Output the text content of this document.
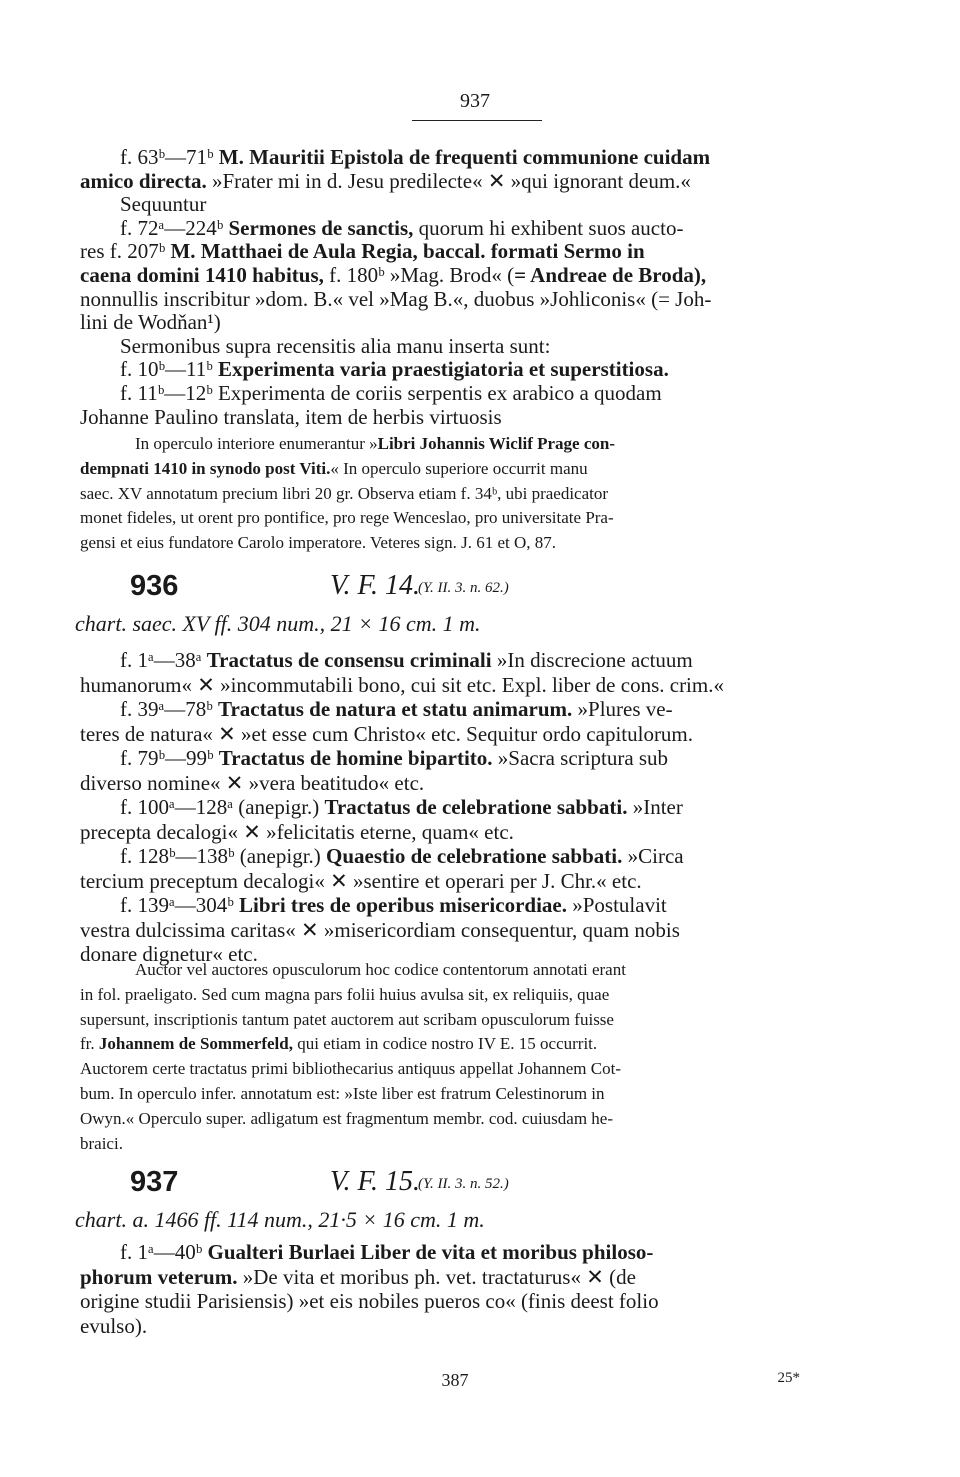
937
f. 63ᵇ—71ᵇ M. Mauritii Epistola de frequenti communione cuidam
amico directa. »Frater mi in d. Jesu predilecte« ✕ »qui ignorant deum.«
Sequuntur
f. 72ᵃ—224ᵇ Sermones de sanctis, quorum hi exhibent suos aucto-
res f. 207ᵇ M. Matthaei de Aula Regia, baccal. formati Sermo in
caena domini 1410 habitus, f. 180ᵇ »Mag. Brod« (= Andreae de Broda),
nonnullis inscribitur »dom. B.« vel »Mag B.«, duobus »Johliconis« (= Joh-
lini de Wodňan¹)
Sermonibus supra recensitis alia manu inserta sunt:
f. 10ᵇ—11ᵇ Experimenta varia praestigiatoria et superstitiosa.
f. 11ᵇ—12ᵇ Experimenta de coriis serpentis ex arabico a quodam
Johanne Paulino translata, item de herbis virtuosis
In operculo interiore enumerantur »Libri Johannis Wiclif Prage con-
dempnati 1410 in synodo post Viti.« In operculo superiore occurrit manu
saec. XV annotatum precium libri 20 gr. Observa etiam f. 34ᵇ, ubi praedicator
monet fideles, ut orent pro pontifice, pro rege Wenceslao, pro universitate Pra-
gensi et eius fundatore Carolo imperatore. Veteres sign. J. 61 et O, 87.
936	V. F. 14.
(Y. II. 3. n. 62.)
chart. saec. XV ff. 304 num., 21 × 16 cm. 1 m.
f. 1ᵃ—38ᵃ Tractatus de consensu criminali »In discrecione actuum
humanorum« ✕ »incommutabili bono, cui sit etc. Expl. liber de cons. crim.«
f. 39ᵃ—78ᵇ Tractatus de natura et statu animarum. »Plures ve-
teres de natura« ✕ »et esse cum Christo« etc. Sequitur ordo capitulorum.
f. 79ᵇ—99ᵇ Tractatus de homine bipartito. »Sacra scriptura sub
diverso nomine« ✕ »vera beatitudo« etc.
f. 100ᵃ—128ᵃ (anepigr.) Tractatus de celebratione sabbati. »Inter
precepta decalogi« ✕ »felicitatis eterne, quam« etc.
f. 128ᵇ—138ᵇ (anepigr.) Quaestio de celebratione sabbati. »Circa
tercium preceptum decalogi« ✕ »sentire et operari per J. Chr.« etc.
f. 139ᵃ—304ᵇ Libri tres de operibus misericordiae. »Postulavit
vestra dulcissima caritas« ✕ »misericordiam consequentur, quam nobis
donare dignetur« etc.
Auctor vel auctores opusculorum hoc codice contentorum annotati erant
in fol. praeligato. Sed cum magna pars folii huius avulsa sit, ex reliquiis, quae
supersunt, inscriptionis tantum patet auctorem aut scribam opusculorum fuisse
fr. Johannem de Sommerfeld, qui etiam in codice nostro IV E. 15 occurrit.
Auctorem certe tractatus primi bibliothecarius antiquus appellat Johannem Cot-
bum. In operculo infer. annotatum est: »Iste liber est fratrum Celestinorum in
Owyn.« Operculo super. adligatum est fragmentum membr. cod. cuiusdam he-
braici.
937	V. F. 15.
(Y. II. 3. n. 52.)
chart. a. 1466 ff. 114 num., 21·5 × 16 cm. 1 m.
f. 1ᵃ—40ᵇ Gualteri Burlaei Liber de vita et moribus philoso-
phorum veterum. »De vita et moribus ph. vet. tractaturus« ✕ (de
origine studii Parisiensis) »et eis nobiles pueros co« (finis deest folio
evulso).
387	25*
